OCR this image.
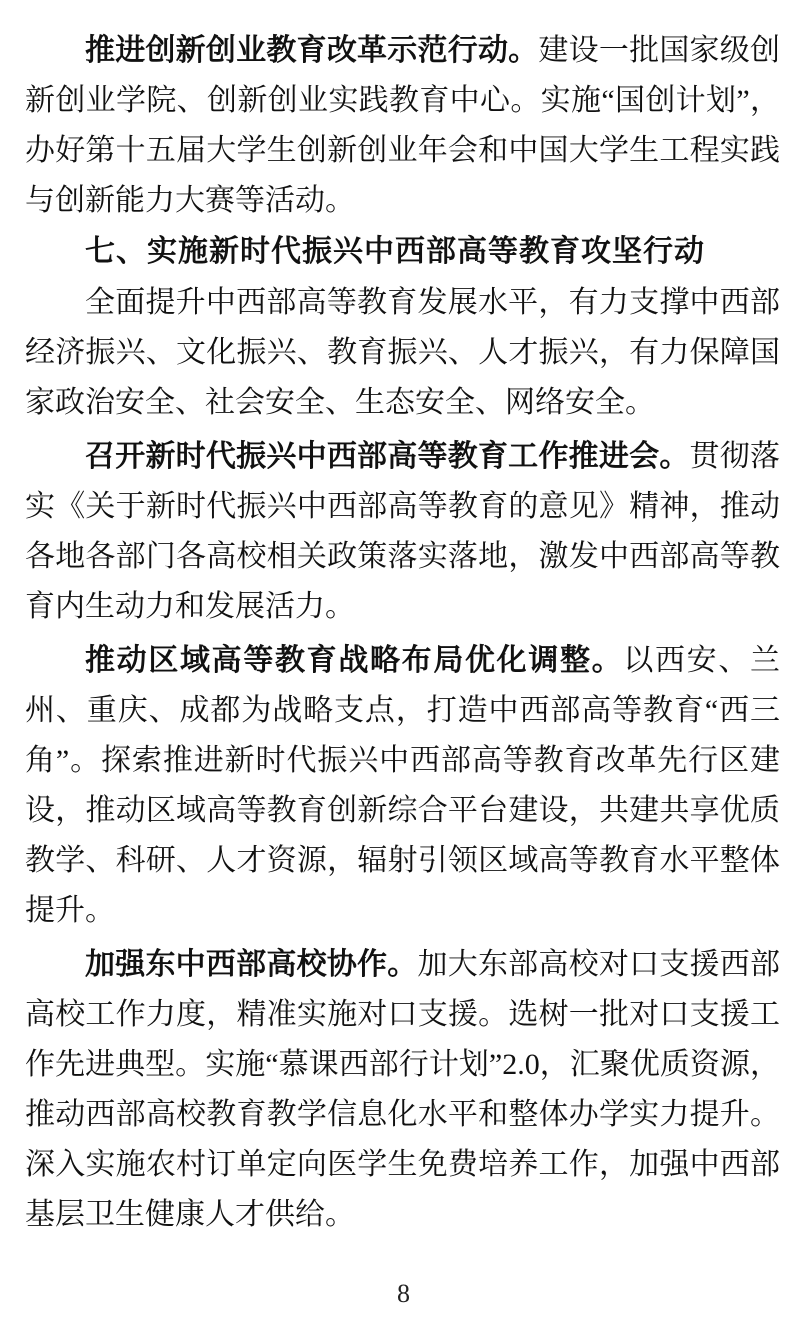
推进创新创业教育改革示范行动。建设一批国家级创新创业学院、创新创业实践教育中心。实施“国创计划”，办好第十五届大学生创新创业年会和中国大学生工程实践与创新能力大赛等活动。

七、实施新时代振兴中西部高等教育攻坚行动

全面提升中西部高等教育发展水平，有力支撑中西部经济振兴、文化振兴、教育振兴、人才振兴，有力保障国家政治安全、社会安全、生态安全、网络安全。

召开新时代振兴中西部高等教育工作推进会。贯彻落实《关于新时代振兴中西部高等教育的意见》精神，推动各地各部门各高校相关政策落实落地，激发中西部高等教育内生动力和发展活力。

推动区域高等教育战略布局优化调整。以西安、兰州、重庆、成都为战略支点，打造中西部高等教育“西三角”。探索推进新时代振兴中西部高等教育改革先行区建设，推动区域高等教育创新综合平台建设，共建共享优质教学、科研、人才资源，辐射引领区域高等教育水平整体提升。

加强东中西部高校协作。加大东部高校对口支援西部高校工作力度，精准实施对口支援。选树一批对口支援工作先进典型。实施“慕课西部行计划”2.0，汇聚优质资源，推动西部高校教育教学信息化水平和整体办学实力提升。深入实施农村订单定向医学生免费培养工作，加强中西部基层卫生健康人才供给。

8
